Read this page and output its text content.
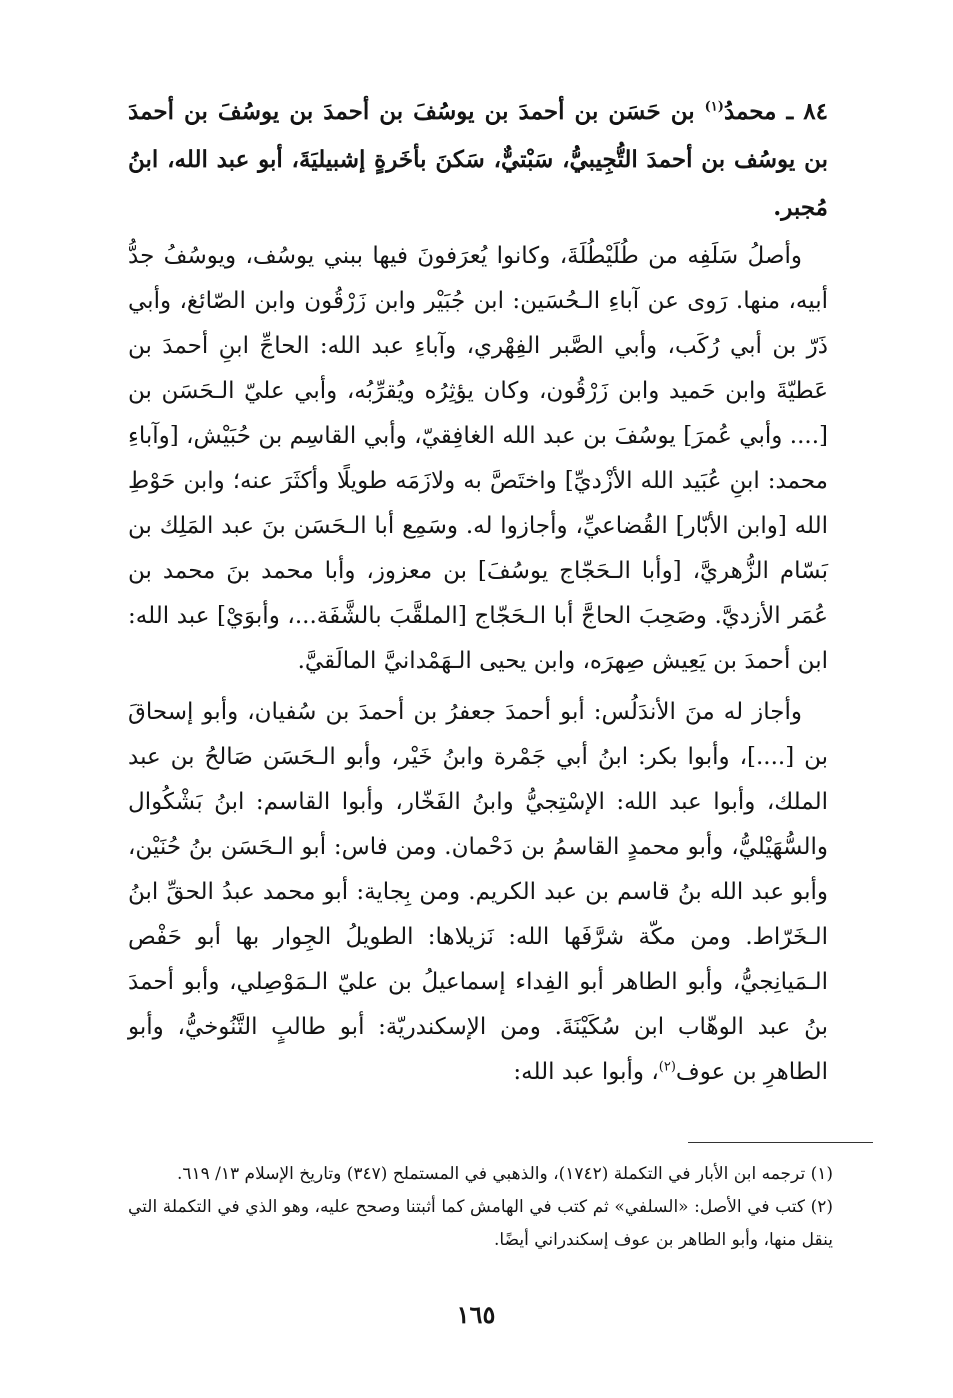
٨٤ ـ محمدُ$^{(١)}$ بن حَسَن بن أحمدَ بن يوسُفَ بن أحمدَ بن يوسُفَ بن أحمدَ بن يوسُف بن أحمدَ التُّجِيبيُّ، سَبْتيٌّ، سَكنَ بأخَرةٍ إشبيليَةَ، أبو عبد الله، ابنُ مُجبر.

وأصلُ سَلَفِه من طُلَيْطُلَةَ، وكانوا يُعرَفونَ فيها ببني يوسُف، ويوسُفُ جدُّ أبيه، منها. رَوى عن آباءِ الـحُسَين: ابن جُبَيْر وابن زَرْقُون وابن الصّائغ، وأبي ذَرّ بن أبي رُكَب، وأبي الصَّبر الفِهْري، وآباءِ عبد الله: الحاجِّ ابنِ أحمدَ بن عَطيّةَ وابن حَميد وابن زَرْقُون، وكان يؤثِرُه ويُقرِّبُه، وأبي عليّ الـحَسَن بن [.... وأبي عُمرَ] يوسُفَ بن عبد الله الغافِقيّ، وأبي القاسِم بن حُبَيْش، [وآباءِ محمد: ابنِ عُبَيد الله الأزْديِّ] واختَصَّ به ولازَمَه طويلًا وأكثَرَ عنه؛ وابن حَوْطِ الله [وابن الأبّار] القُضاعيِّ، وأجازوا له. وسَمِع أبا الـحَسَن بنَ عبد المَلِك بن بَسّام الزُّهريَّ، [وأبا الـحَجّاج يوسُفَ] بن معزوز، وأبا محمد بنَ محمد بن عُمَر الأزديَّ. وصَحِبَ الحاجَّ أبا الـحَجّاج [الملقَّبَ بالشَّفَة...، وأبوَيْ] عبد الله: ابن أحمدَ بن يَعِيش صِهرَه، وابن يحيى الـهَمْدانيَّ المالَقيَّ.

وأجاز له منَ الأندَلُس: أبو أحمدَ جعفرُ بن أحمدَ بن سُفيان، وأبو إسحاقَ بن [....]، وأبوا بكر: ابنُ أبي جَمْرة وابنُ خَيْر، وأبو الـحَسَن صَالحُ بن عبد الملك، وأبوا عبد الله: الإسْتِجيُّ وابنُ الفَخّار، وأبوا القاسم: ابنُ بَشْكُوال والسُّهَيْليُّ، وأبو محمدٍ القاسمُ بن دَحْمان. ومن فاس: أبو الـحَسَن بنُ حُنَيْن، وأبو عبد الله بنُ قاسم بن عبد الكريم. ومن بِجاية: أبو محمد عبدُ الحقِّ ابنُ الـخَرّاط. ومن مكّة شرَّفَها الله: نَزيلاها: الطويلُ الجِوار بها أبو حَفْص الـمَيانِجيُّ، وأبو الطاهر أبو الفِداء إسماعيلُ بن عليّ الـمَوْصِلي، وأبو أحمدَ بنُ عبد الوهّاب ابن سُكَيْنَةَ. ومن الإسكندريّة: أبو طالبٍ التَّنُوخيُّ، وأبو الطاهرِ بن عوف$^{(٢)}$، وأبوا عبد الله:

(١) ترجمه ابن الأبار في التكملة (١٧٤٢)، والذهبي في المستملح (٣٤٧) وتاريخ الإسلام ١٣/ ٦١٩.

(٢) كتب في الأصل: «السلفي» ثم كتب في الهامش كما أثبتنا وصحح عليه، وهو الذي في التكملة التي ينقل منها، وأبو الطاهر بن عوف إسكندراني أيضًا.

١٦٥
